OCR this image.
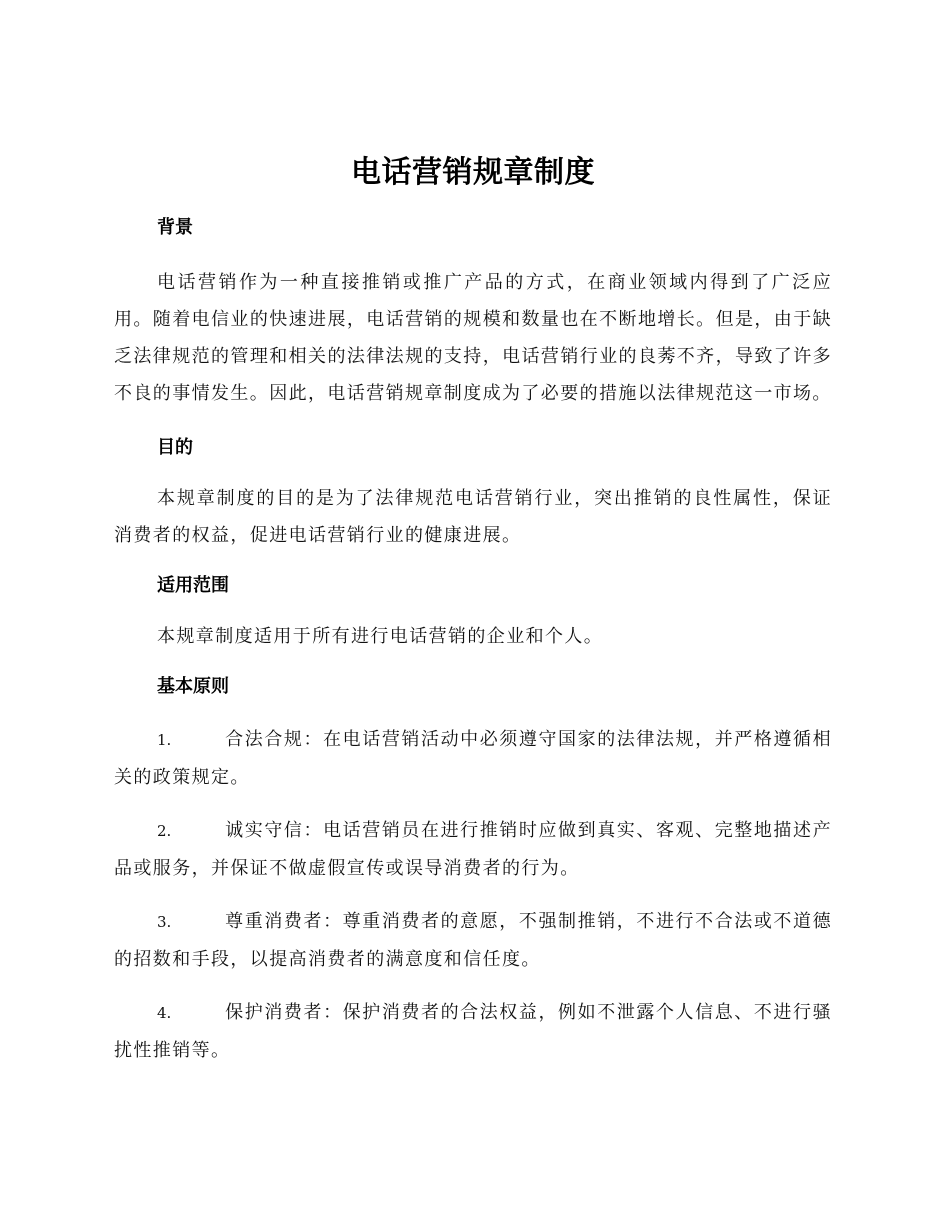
电话营销规章制度
背景

电话营销作为一种直接推销或推广产品的方式，在商业领域内得到了广泛应用。随着电信业的快速进展，电话营销的规模和数量也在不断地增长。但是，由于缺乏法律规范的管理和相关的法律法规的支持，电话营销行业的良莠不齐，导致了许多不良的事情发生。因此，电话营销规章制度成为了必要的措施以法律规范这一市场。

目的

本规章制度的目的是为了法律规范电话营销行业，突出推销的良性属性，保证消费者的权益，促进电话营销行业的健康进展。

适用范围

本规章制度适用于所有进行电话营销的企业和个人。

基本原则

1.	合法合规：在电话营销活动中必须遵守国家的法律法规，并严格遵循相关的政策规定。

2.	诚实守信：电话营销员在进行推销时应做到真实、客观、完整地描述产品或服务，并保证不做虚假宣传或误导消费者的行为。

3.	尊重消费者：尊重消费者的意愿，不强制推销，不进行不合法或不道德的招数和手段，以提高消费者的满意度和信任度。

4.	保护消费者：保护消费者的合法权益，例如不泄露个人信息、不进行骚扰性推销等。
